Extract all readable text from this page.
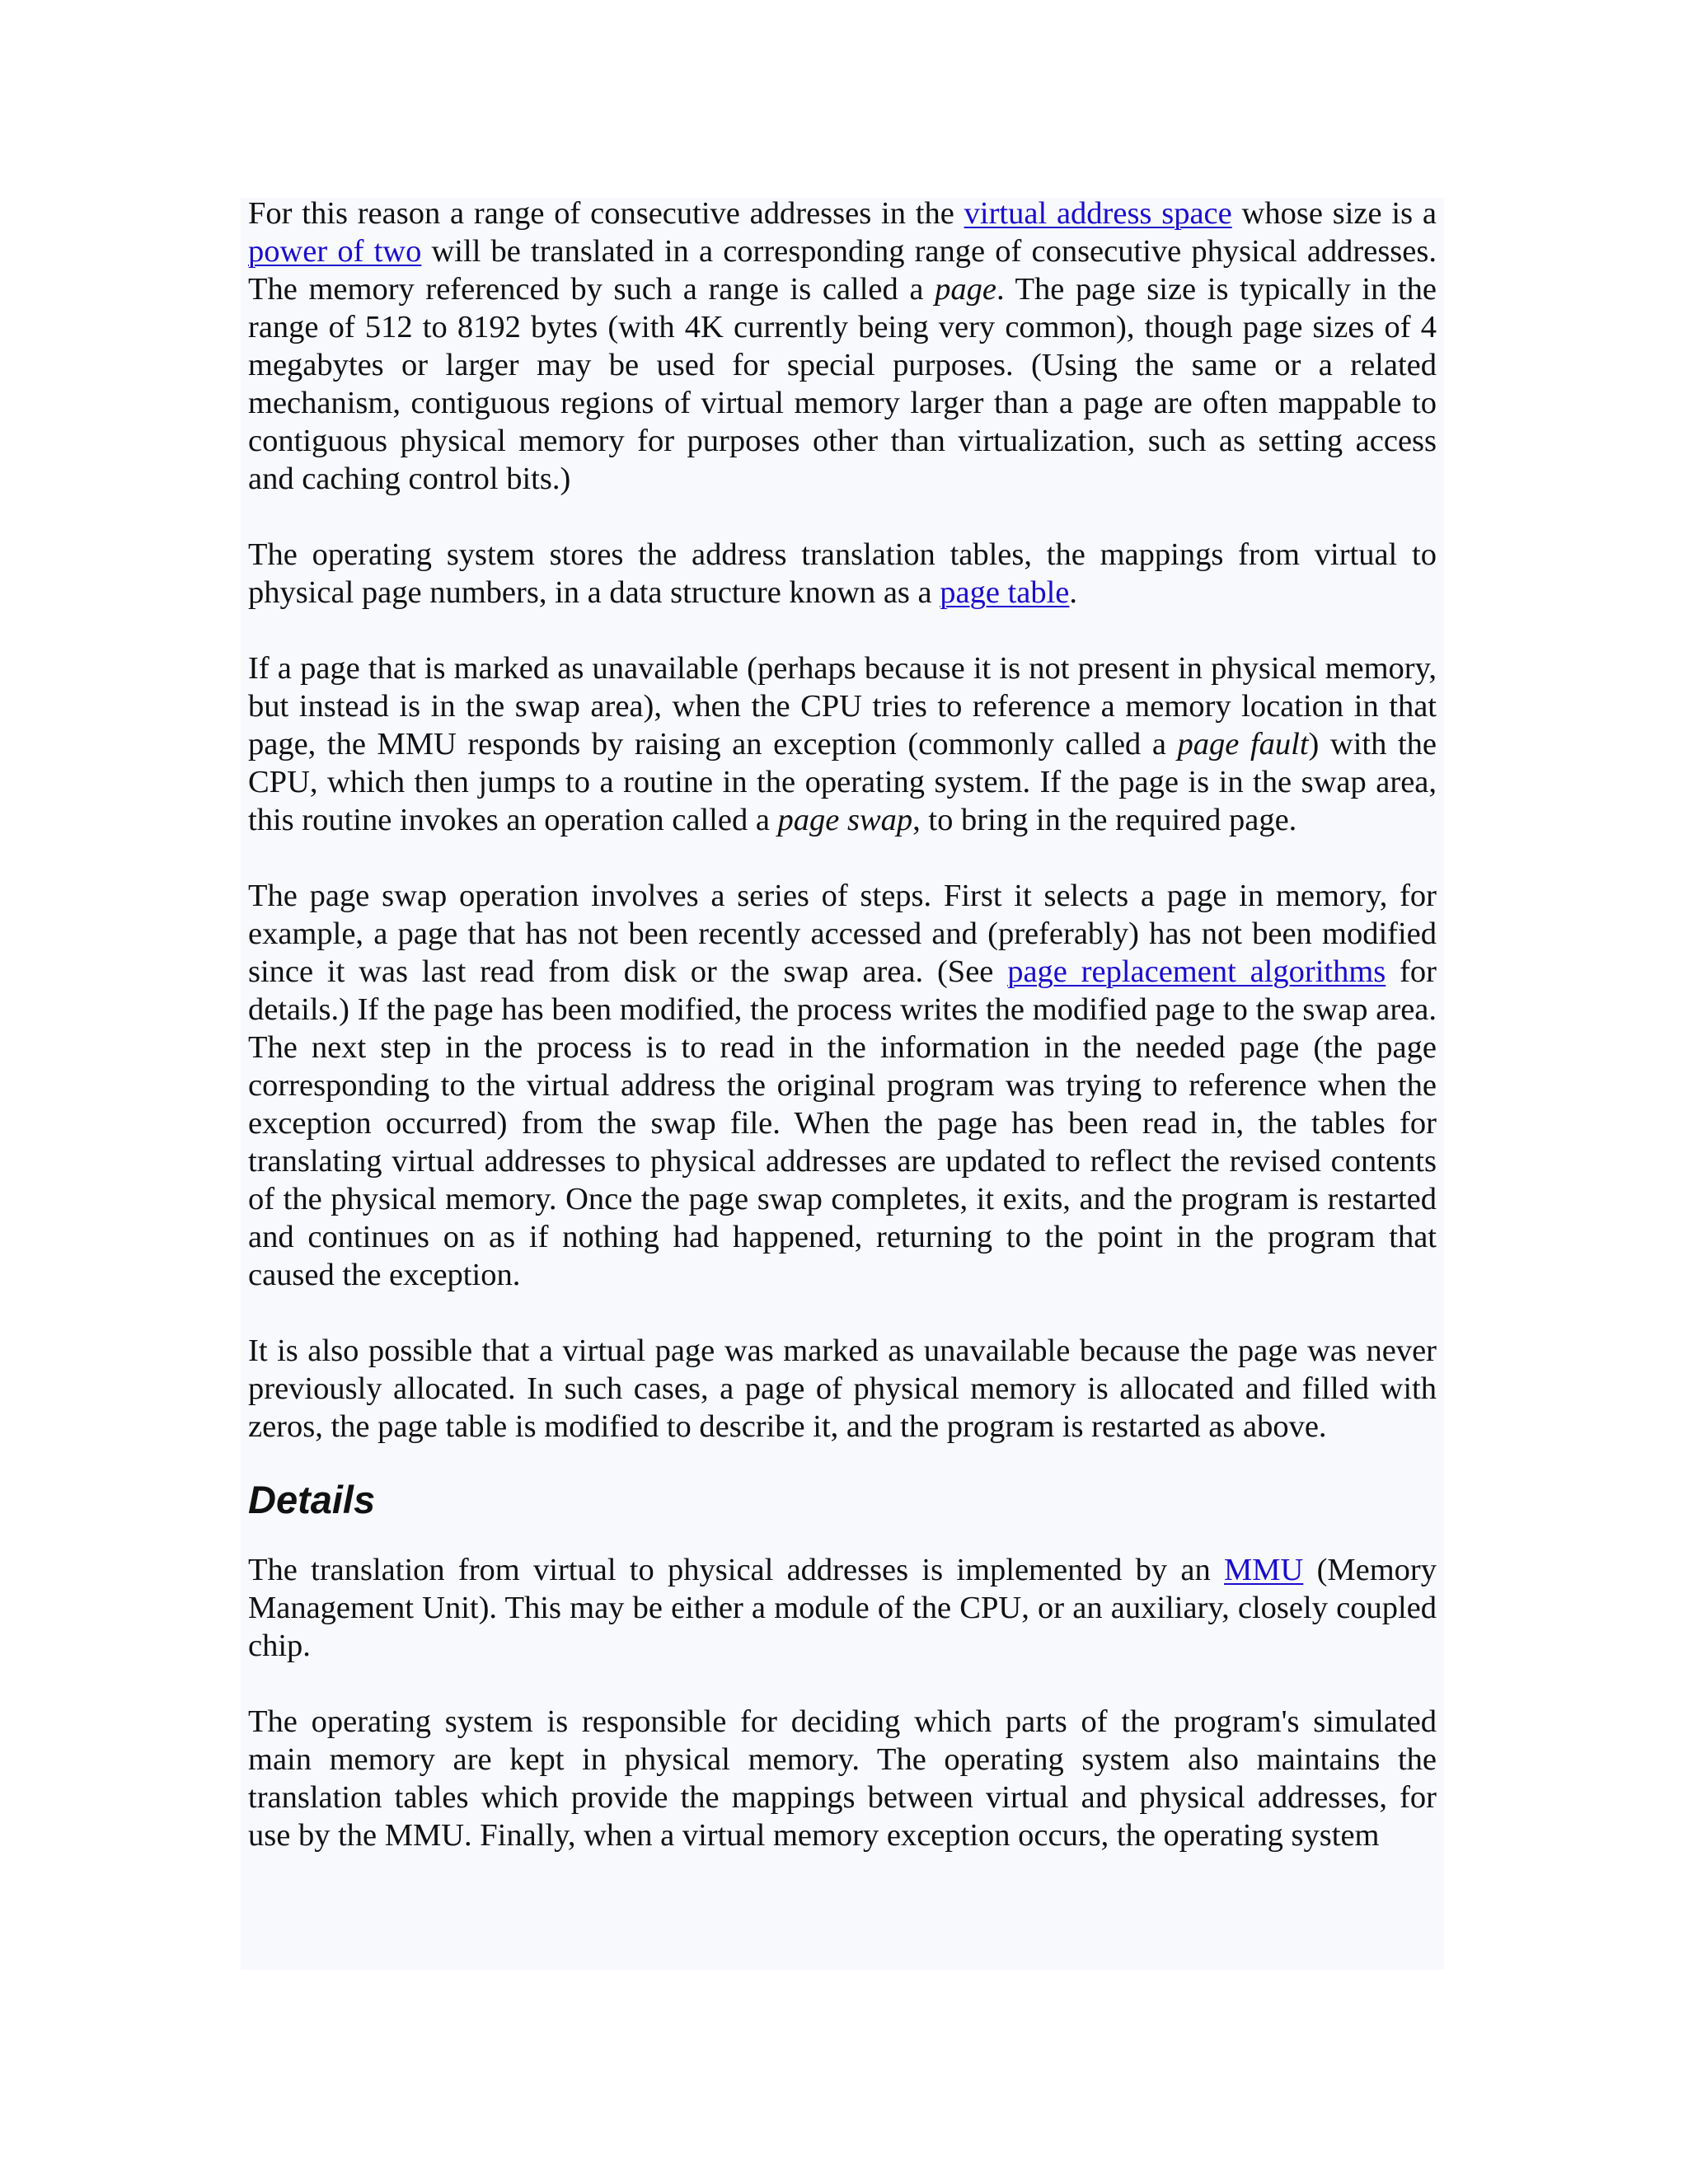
For this reason a range of consecutive addresses in the virtual address space whose size is a power of two will be translated in a corresponding range of consecutive physical addresses. The memory referenced by such a range is called a page. The page size is typically in the range of 512 to 8192 bytes (with 4K currently being very common), though page sizes of 4 megabytes or larger may be used for special purposes. (Using the same or a related mechanism, contiguous regions of virtual memory larger than a page are often mappable to contiguous physical memory for purposes other than virtualization, such as setting access and caching control bits.)

The operating system stores the address translation tables, the mappings from virtual to physical page numbers, in a data structure known as a page table.

If a page that is marked as unavailable (perhaps because it is not present in physical memory, but instead is in the swap area), when the CPU tries to reference a memory location in that page, the MMU responds by raising an exception (commonly called a page fault) with the CPU, which then jumps to a routine in the operating system. If the page is in the swap area, this routine invokes an operation called a page swap, to bring in the required page.

The page swap operation involves a series of steps. First it selects a page in memory, for example, a page that has not been recently accessed and (preferably) has not been modified since it was last read from disk or the swap area. (See page replacement algorithms for details.) If the page has been modified, the process writes the modified page to the swap area. The next step in the process is to read in the information in the needed page (the page corresponding to the virtual address the original program was trying to reference when the exception occurred) from the swap file. When the page has been read in, the tables for translating virtual addresses to physical addresses are updated to reflect the revised contents of the physical memory. Once the page swap completes, it exits, and the program is restarted and continues on as if nothing had happened, returning to the point in the program that caused the exception.

It is also possible that a virtual page was marked as unavailable because the page was never previously allocated. In such cases, a page of physical memory is allocated and filled with zeros, the page table is modified to describe it, and the program is restarted as above.

Details

The translation from virtual to physical addresses is implemented by an MMU (Memory Management Unit). This may be either a module of the CPU, or an auxiliary, closely coupled chip.

The operating system is responsible for deciding which parts of the program's simulated main memory are kept in physical memory. The operating system also maintains the translation tables which provide the mappings between virtual and physical addresses, for use by the MMU. Finally, when a virtual memory exception occurs, the operating system
